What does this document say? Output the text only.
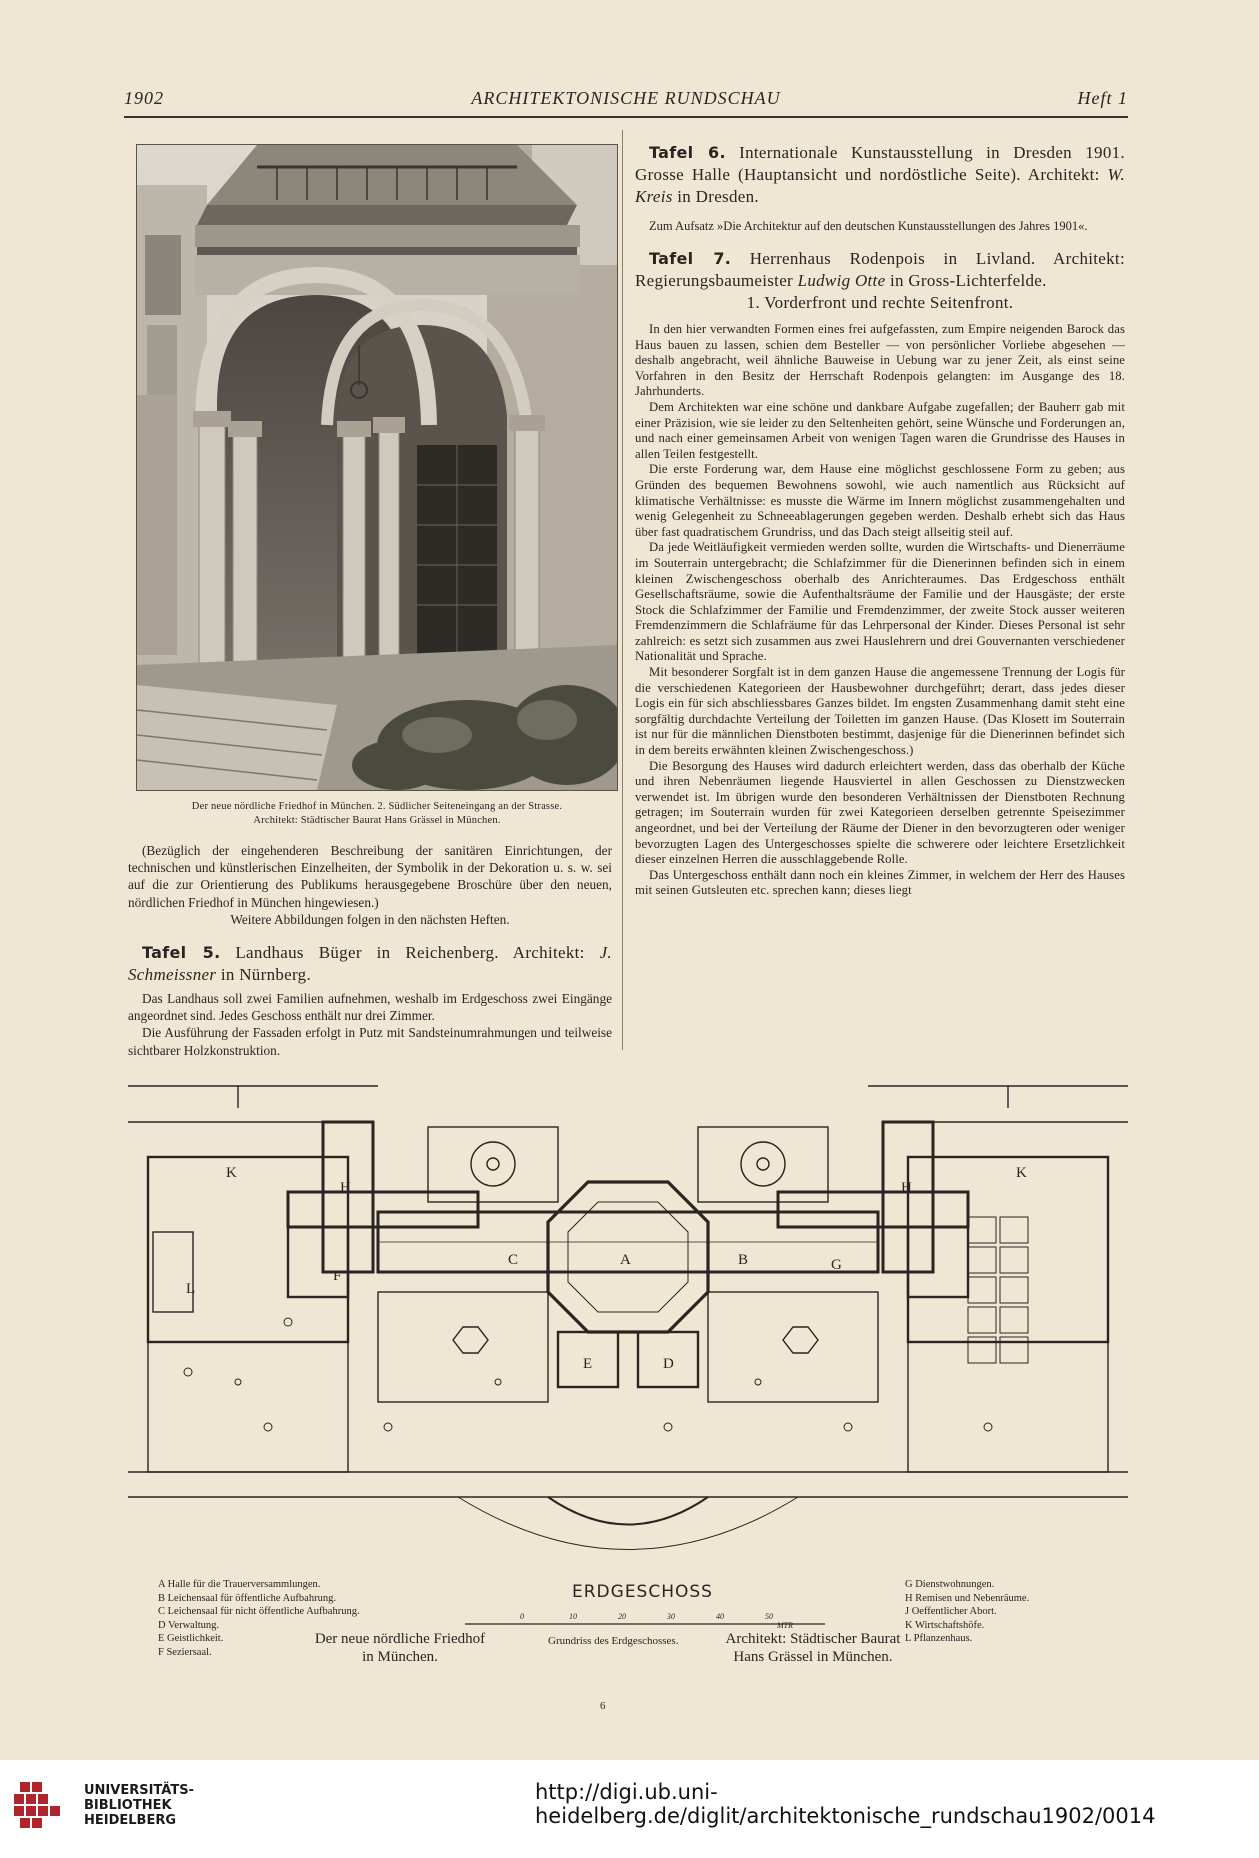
1902	ARCHITEKTONISCHE RUNDSCHAU	Heft 1
Der neue nördliche Friedhof in München. 2. Südlicher Seiteneingang an der Strasse.
Architekt: Städtischer Baurat Hans Grässel in München.

(Bezüglich der eingehenderen Beschreibung der sanitären Einrichtungen, der technischen und künstlerischen Einzelheiten, der Symbolik in der Dekoration u. s. w. sei auf die zur Orientierung des Publikums herausgegebene Broschüre über den neuen, nördlichen Friedhof in München hingewiesen.)

Weitere Abbildungen folgen in den nächsten Heften.

Tafel 5. Landhaus Büger in Reichenberg. Architekt: J. Schmeissner in Nürnberg.

Das Landhaus soll zwei Familien aufnehmen, weshalb im Erdgeschoss zwei Eingänge angeordnet sind. Jedes Geschoss enthält nur drei Zimmer.

Die Ausführung der Fassaden erfolgt in Putz mit Sandsteinumrahmungen und teilweise sichtbarer Holzkonstruktion.

Tafel 6. Internationale Kunstausstellung in Dresden 1901. Grosse Halle (Hauptansicht und nordöstliche Seite). Architekt: W. Kreis in Dresden.

Zum Aufsatz »Die Architektur auf den deutschen Kunstausstellungen des Jahres 1901«.

Tafel 7. Herrenhaus Rodenpois in Livland. Architekt: Regierungsbaumeister Ludwig Otte in Gross-Lichterfelde.

1. Vorderfront und rechte Seitenfront.

In den hier verwandten Formen eines frei aufgefassten, zum Empire neigenden Barock das Haus bauen zu lassen, schien dem Besteller — von persönlicher Vorliebe abgesehen — deshalb angebracht, weil ähnliche Bauweise in Uebung war zu jener Zeit, als einst seine Vorfahren in den Besitz der Herrschaft Rodenpois gelangten: im Ausgange des 18. Jahrhunderts.

Dem Architekten war eine schöne und dankbare Aufgabe zugefallen; der Bauherr gab mit einer Präzision, wie sie leider zu den Seltenheiten gehört, seine Wünsche und Forderungen an, und nach einer gemeinsamen Arbeit von wenigen Tagen waren die Grundrisse des Hauses in allen Teilen festgestellt.

Die erste Forderung war, dem Hause eine möglichst geschlossene Form zu geben; aus Gründen des bequemen Bewohnens sowohl, wie auch namentlich aus Rücksicht auf klimatische Verhältnisse: es musste die Wärme im Innern möglichst zusammengehalten und wenig Gelegenheit zu Schneeablagerungen gegeben werden. Deshalb erhebt sich das Haus über fast quadratischem Grundriss, und das Dach steigt allseitig steil auf.

Da jede Weitläufigkeit vermieden werden sollte, wurden die Wirtschafts- und Dienerräume im Souterrain untergebracht; die Schlafzimmer für die Dienerinnen befinden sich in einem kleinen Zwischengeschoss oberhalb des Anrichteraumes. Das Erdgeschoss enthält Gesellschaftsräume, sowie die Aufenthaltsräume der Familie und der Hausgäste; der erste Stock die Schlafzimmer der Familie und Fremdenzimmer, der zweite Stock ausser weiteren Fremdenzimmern die Schlafräume für das Lehrpersonal der Kinder. Dieses Personal ist sehr zahlreich: es setzt sich zusammen aus zwei Hauslehrern und drei Gouvernanten verschiedener Nationalität und Sprache.

Mit besonderer Sorgfalt ist in dem ganzen Hause die angemessene Trennung der Logis für die verschiedenen Kategorieen der Hausbewohner durchgeführt; derart, dass jedes dieser Logis ein für sich abschliessbares Ganzes bildet. Im engsten Zusammenhang damit steht eine sorgfältig durchdachte Verteilung der Toiletten im ganzen Hause. (Das Klosett im Souterrain ist nur für die männlichen Dienstboten bestimmt, dasjenige für die Dienerinnen befindet sich in dem bereits erwähnten kleinen Zwischengeschoss.)

Die Besorgung des Hauses wird dadurch erleichtert werden, dass das oberhalb der Küche und ihren Nebenräumen liegende Hausviertel in allen Geschossen zu Dienstzwecken verwendet ist. Im übrigen wurde den besonderen Verhältnissen der Dienstboten Rechnung getragen; im Souterrain wurden für zwei Kategorieen derselben getrennte Speisezimmer angeordnet, und bei der Verteilung der Räume der Diener in den bevorzugteren oder weniger bevorzugten Lagen des Untergeschosses spielte die schwerere oder leichtere Ersetzlichkeit dieser einzelnen Herren die ausschlaggebende Rolle.

Das Untergeschoss enthält dann noch ein kleines Zimmer, in welchem der Herr des Hauses mit seinen Gutsleuten etc. sprechen kann; dieses liegt

A	B
C
D
E
F
G
H	H
K	K
L
A Halle für die Trauerversammlungen.
B Leichensaal für öffentliche Aufbahrung.
C Leichensaal für nicht öffentliche Aufbahrung.
D Verwaltung.
E Geistlichkeit.
F Seziersaal.
G Dienstwohnungen.
H Remisen und Nebenräume.
J Oeffentlicher Abort.
K Wirtschaftshöfe.
L Pflanzenhaus.
ERDGESCHOSS
0	10	20	30	40	50
MTR
Der neue nördliche Friedhof
in München.
Grundriss des Erdgeschosses.	Architekt: Städtischer Baurat
Hans Grässel in München.
6
UNIVERSITÄTS-
BIBLIOTHEK
HEIDELBERG
http://digi.ub.uni-heidelberg.de/diglit/architektonische_rundschau1902/0014
